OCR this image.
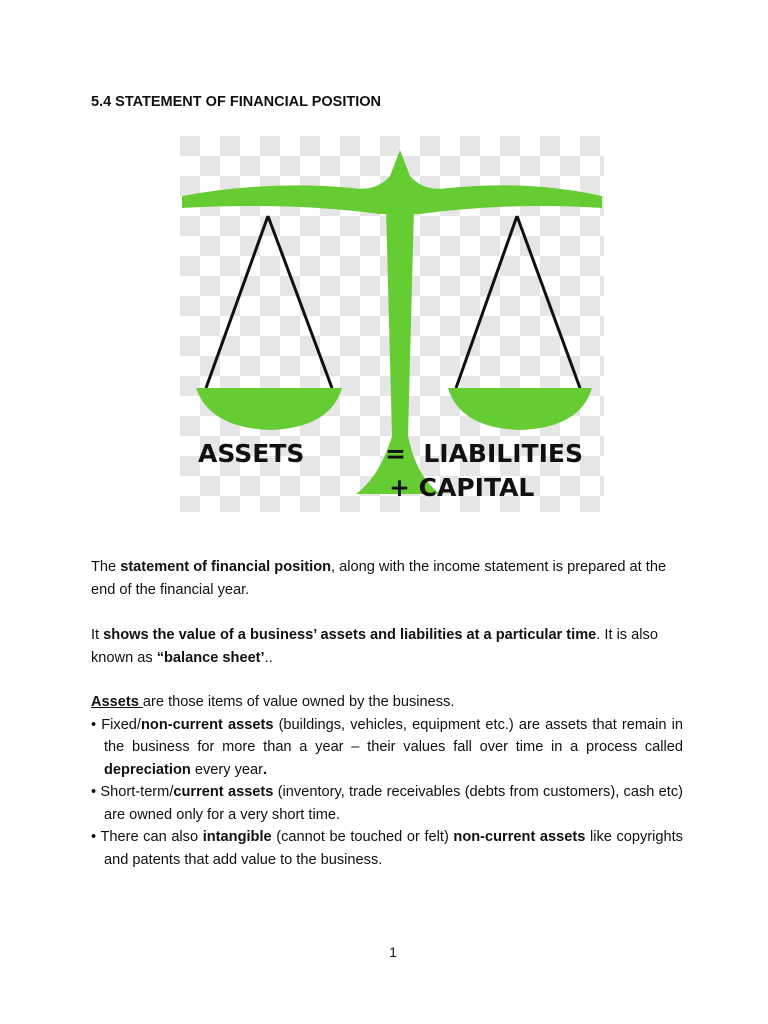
5.4 STATEMENT OF FINANCIAL POSITION
ASSETS	=  LIABILITIES
+ CAPITAL

The statement of financial position, along with the income statement is prepared at the end of the financial year.

It shows the value of a business’ assets and liabilities at a particular time. It is also known as “balance sheet’..

Assets are those items of value owned by the business.

• Fixed/non-current assets (buildings, vehicles, equipment etc.) are assets that remain in the business for more than a year – their values fall over time in a process called depreciation every year.

• Short-term/current assets (inventory, trade receivables (debts from customers), cash etc) are owned only for a very short time.

• There can also intangible (cannot be touched or felt) non-current assets like copyrights and patents that add value to the business.

1
